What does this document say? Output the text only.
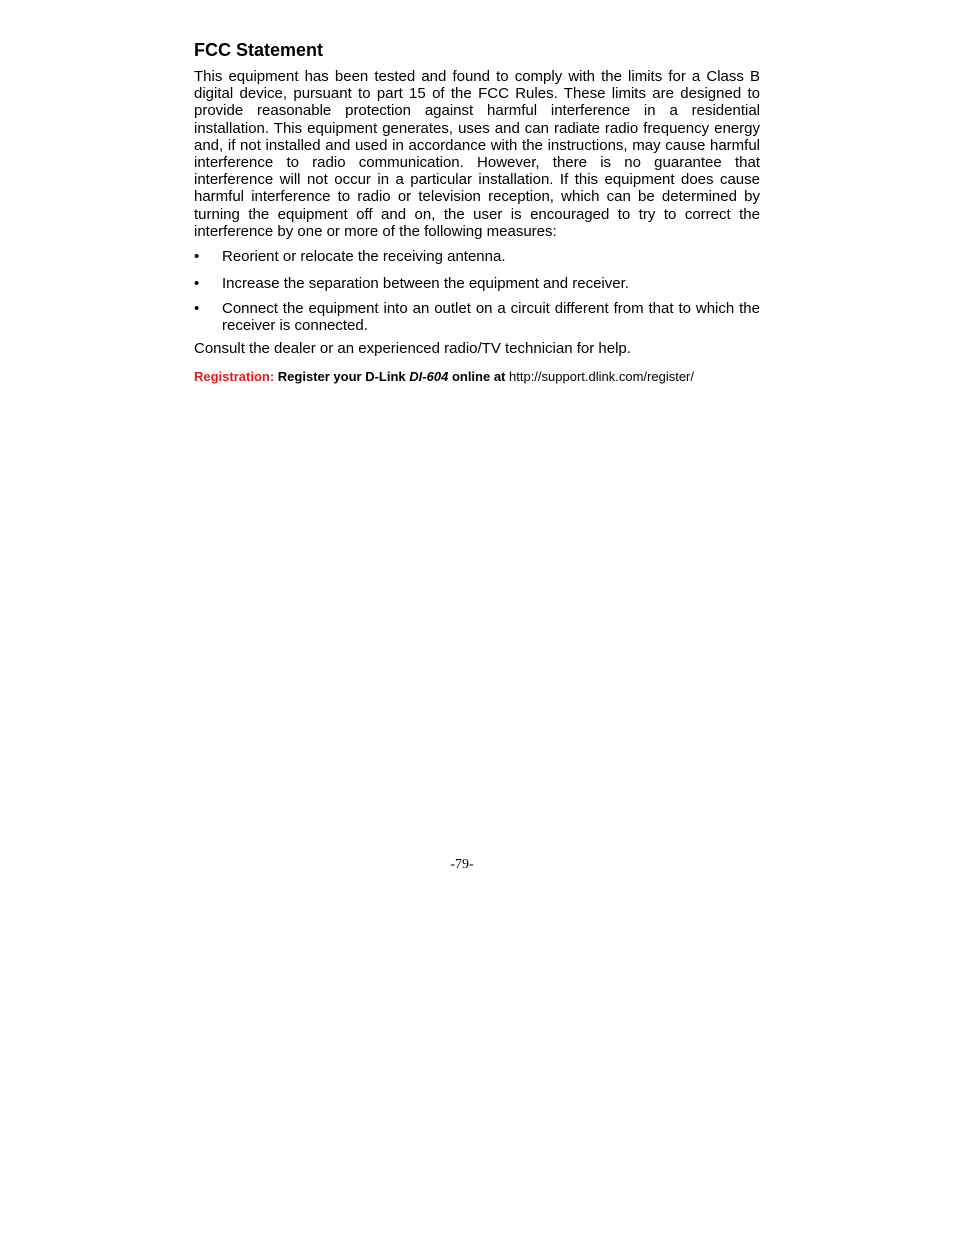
FCC Statement

This equipment has been tested and found to comply with the limits for a Class B digital device, pursuant to part 15 of the FCC Rules. These limits are designed to provide reasonable protection against harmful interference in a residential installation. This equipment generates, uses and can radiate radio frequency energy and, if not installed and used in accordance with the instructions, may cause harmful interference to radio communication. However, there is no guarantee that interference will not occur in a particular installation. If this equipment does cause harmful interference to radio or television reception, which can be determined by turning the equipment off and on, the user is encouraged to try to correct the interference by one or more of the following measures:

•	Reorient or relocate the receiving antenna.
•	Increase the separation between the equipment and receiver.
•	Connect the equipment into an outlet on a circuit different from that to which the receiver is connected.

Consult the dealer or an experienced radio/TV technician for help.

Registration: Register your D-Link DI-604 online at http://support.dlink.com/register/

-79-
